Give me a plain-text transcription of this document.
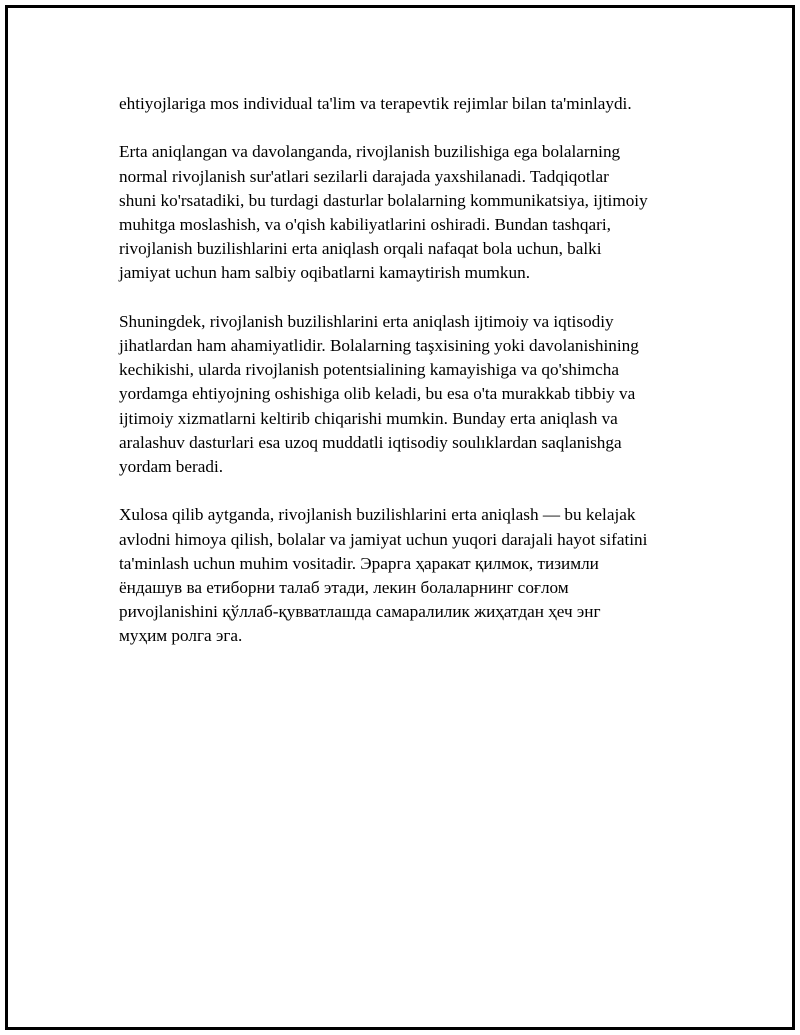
ehtiyojlariga mos individual ta'lim va terapevtik rejimlar bilan ta'minlaydi.

Erta aniqlangan va davolanganda, rivojlanish buzilishiga ega bolalarning
normal rivojlanish sur'atlari sezilarli darajada yaxshilanadi. Tadqiqotlar
shuni ko'rsatadiki, bu turdagi dasturlar bolalarning kommunikatsiya, ijtimoiy
muhitga moslashish, va o'qish kabiliyatlarini oshiradi. Bundan tashqari,
rivojlanish buzilishlarini erta aniqlash orqali nafaqat bola uchun, balki
jamiyat uchun ham salbiy oqibatlarni kamaytirish mumkun.

Shuningdek, rivojlanish buzilishlarini erta aniqlash ijtimoiy va iqtisodiy
jihatlardan ham ahamiyatlidir. Bolalarning taşxisining yoki davolanishining
kechikishi, ularda rivojlanish potentsialining kamayishiga va qo'shimcha
yordamga ehtiyojning oshishiga olib keladi, bu esa o'ta murakkab tibbiy va
ijtimoiy xizmatlarni keltirib chiqarishi mumkin. Bunday erta aniqlash va
aralashuv dasturlari esa uzoq muddatli iqtisodiy soulıklardan saqlanishga
yordam beradi.

Xulosa qilib aytganda, rivojlanish buzilishlarini erta aniqlash — bu kelajak
avlodni himoya qilish, bolalar va jamiyat uchun yuqori darajali hayot sifatini
ta'minlash uchun muhim vositadir. Эрарга ҳаракат қилмок, тизимли
ёндашув ва етиборни талаб этади, лекин болаларнинг соғлом
риvojlanishini қўллаб-қувватлашда самаралилик жиҳатдан ҳеч энг
муҳим ролга эга.
